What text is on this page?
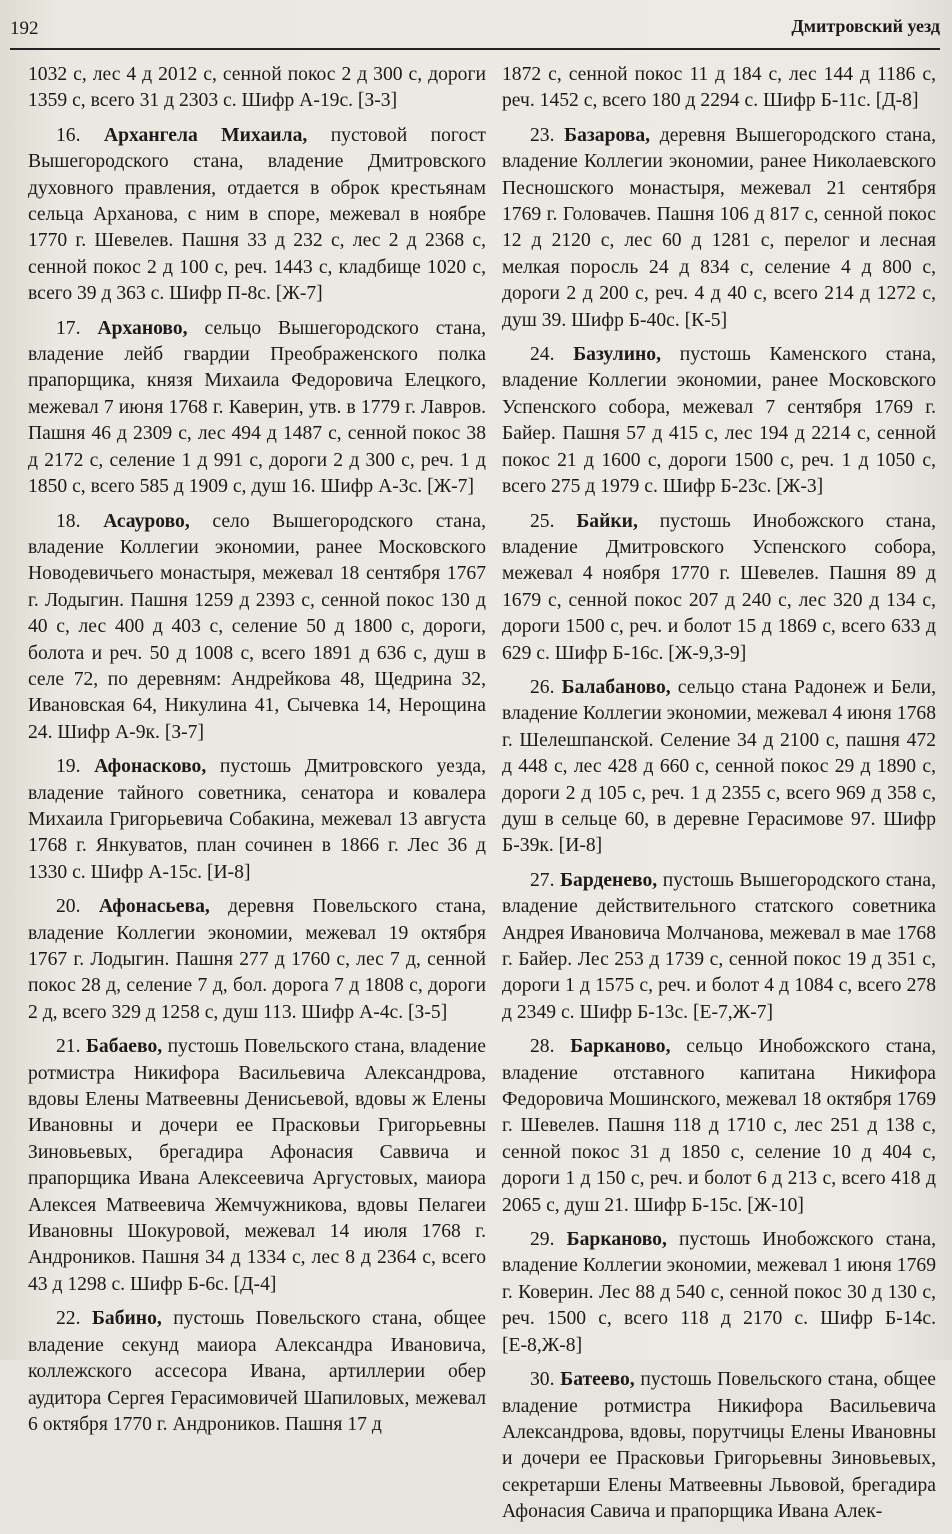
192	Дмитровский уезд

1032 с, лес 4 д 2012 с, сенной покос 2 д 300 с, дороги 1359 с, всего 31 д 2303 с. Шифр А-19с. [З-3]

16. Архангела Михаила, пустовой погост Вышегородского стана, владение Дмитровского духовного правления, отдается в оброк крестьянам сельца Арханова, с ним в споре, межевал в ноябре 1770 г. Шевелев. Пашня 33 д 232 с, лес 2 д 2368 с, сенной покос 2 д 100 с, реч. 1443 с, кладбище 1020 с, всего 39 д 363 с. Шифр П-8с. [Ж-7]

17. Арханово, сельцо Вышегородского стана, владение лейб гвардии Преображенского полка прапорщика, князя Михаила Федоровича Елецкого, межевал 7 июня 1768 г. Каверин, утв. в 1779 г. Лавров. Пашня 46 д 2309 с, лес 494 д 1487 с, сенной покос 38 д 2172 с, селение 1 д 991 с, дороги 2 д 300 с, реч. 1 д 1850 с, всего 585 д 1909 с, душ 16. Шифр А-3с. [Ж-7]

18. Асаурово, село Вышегородского стана, владение Коллегии экономии, ранее Московского Новодевичьего монастыря, межевал 18 сентября 1767 г. Лодыгин. Пашня 1259 д 2393 с, сенной покос 130 д 40 с, лес 400 д 403 с, селение 50 д 1800 с, дороги, болота и реч. 50 д 1008 с, всего 1891 д 636 с, душ в селе 72, по деревням: Андрейкова 48, Щедрина 32, Ивановская 64, Никулина 41, Сычевка 14, Нерощина 24. Шифр А-9к. [З-7]

19. Афонасково, пустошь Дмитровского уезда, владение тайного советника, сенатора и ковалера Михаила Григорьевича Собакина, межевал 13 августа 1768 г. Янкуватов, план сочинен в 1866 г. Лес 36 д 1330 с. Шифр А-15с. [И-8]

20. Афонасьева, деревня Повельского стана, владение Коллегии экономии, межевал 19 октября 1767 г. Лодыгин. Пашня 277 д 1760 с, лес 7 д, сенной покос 28 д, селение 7 д, бол. дорога 7 д 1808 с, дороги 2 д, всего 329 д 1258 с, душ 113. Шифр А-4с. [З-5]

21. Бабаево, пустошь Повельского стана, владение ротмистра Никифора Васильевича Александрова, вдовы Елены Матвеевны Денисьевой, вдовы ж Елены Ивановны и дочери ее Прасковьи Григорьевны Зиновьевых, брегадира Афонасия Саввича и прапорщика Ивана Алексеевича Аргустовых, маиора Алексея Матвеевича Жемчужникова, вдовы Пелагеи Ивановны Шокуровой, межевал 14 июля 1768 г. Андроников. Пашня 34 д 1334 с, лес 8 д 2364 с, всего 43 д 1298 с. Шифр Б-6с. [Д-4]

22. Бабино, пустошь Повельского стана, общее владение секунд маиора Александра Ивановича, коллежского ассесора Ивана, артиллерии обер аудитора Сергея Герасимовичей Шапиловых, межевал 6 октября 1770 г. Андроников. Пашня 17 д

1872 с, сенной покос 11 д 184 с, лес 144 д 1186 с, реч. 1452 с, всего 180 д 2294 с. Шифр Б-11с. [Д-8]

23. Базарова, деревня Вышегородского стана, владение Коллегии экономии, ранее Николаевского Песношского монастыря, межевал 21 сентября 1769 г. Головачев. Пашня 106 д 817 с, сенной покос 12 д 2120 с, лес 60 д 1281 с, перелог и лесная мелкая поросль 24 д 834 с, селение 4 д 800 с, дороги 2 д 200 с, реч. 4 д 40 с, всего 214 д 1272 с, душ 39. Шифр Б-40с. [К-5]

24. Базулино, пустошь Каменского стана, владение Коллегии экономии, ранее Московского Успенского собора, межевал 7 сентября 1769 г. Байер. Пашня 57 д 415 с, лес 194 д 2214 с, сенной покос 21 д 1600 с, дороги 1500 с, реч. 1 д 1050 с, всего 275 д 1979 с. Шифр Б-23с. [Ж-3]

25. Байки, пустошь Инобожского стана, владение Дмитровского Успенского собора, межевал 4 ноября 1770 г. Шевелев. Пашня 89 д 1679 с, сенной покос 207 д 240 с, лес 320 д 134 с, дороги 1500 с, реч. и болот 15 д 1869 с, всего 633 д 629 с. Шифр Б-16с. [Ж-9,З-9]

26. Балабаново, сельцо стана Радонеж и Бели, владение Коллегии экономии, межевал 4 июня 1768 г. Шелешпанской. Селение 34 д 2100 с, пашня 472 д 448 с, лес 428 д 660 с, сенной покос 29 д 1890 с, дороги 2 д 105 с, реч. 1 д 2355 с, всего 969 д 358 с, душ в сельце 60, в деревне Герасимове 97. Шифр Б-39к. [И-8]

27. Барденево, пустошь Вышегородского стана, владение действительного статского советника Андрея Ивановича Молчанова, межевал в мае 1768 г. Байер. Лес 253 д 1739 с, сенной покос 19 д 351 с, дороги 1 д 1575 с, реч. и болот 4 д 1084 с, всего 278 д 2349 с. Шифр Б-13с. [Е-7,Ж-7]

28. Барканово, сельцо Инобожского стана, владение отставного капитана Никифора Федоровича Мошинского, межевал 18 октября 1769 г. Шевелев. Пашня 118 д 1710 с, лес 251 д 138 с, сенной покос 31 д 1850 с, селение 10 д 404 с, дороги 1 д 150 с, реч. и болот 6 д 213 с, всего 418 д 2065 с, душ 21. Шифр Б-15с. [Ж-10]

29. Барканово, пустошь Инобожского стана, владение Коллегии экономии, межевал 1 июня 1769 г. Коверин. Лес 88 д 540 с, сенной покос 30 д 130 с, реч. 1500 с, всего 118 д 2170 с. Шифр Б-14с. [Е-8,Ж-8]

30. Батеево, пустошь Повельского стана, общее владение ротмистра Никифора Васильевича Александрова, вдовы, порутчицы Елены Ивановны и дочери ее Прасковьи Григорьевны Зиновьевых, секретарши Елены Матвеевны Львовой, брегадира Афонасия Савича и прапорщика Ивана Алек-
